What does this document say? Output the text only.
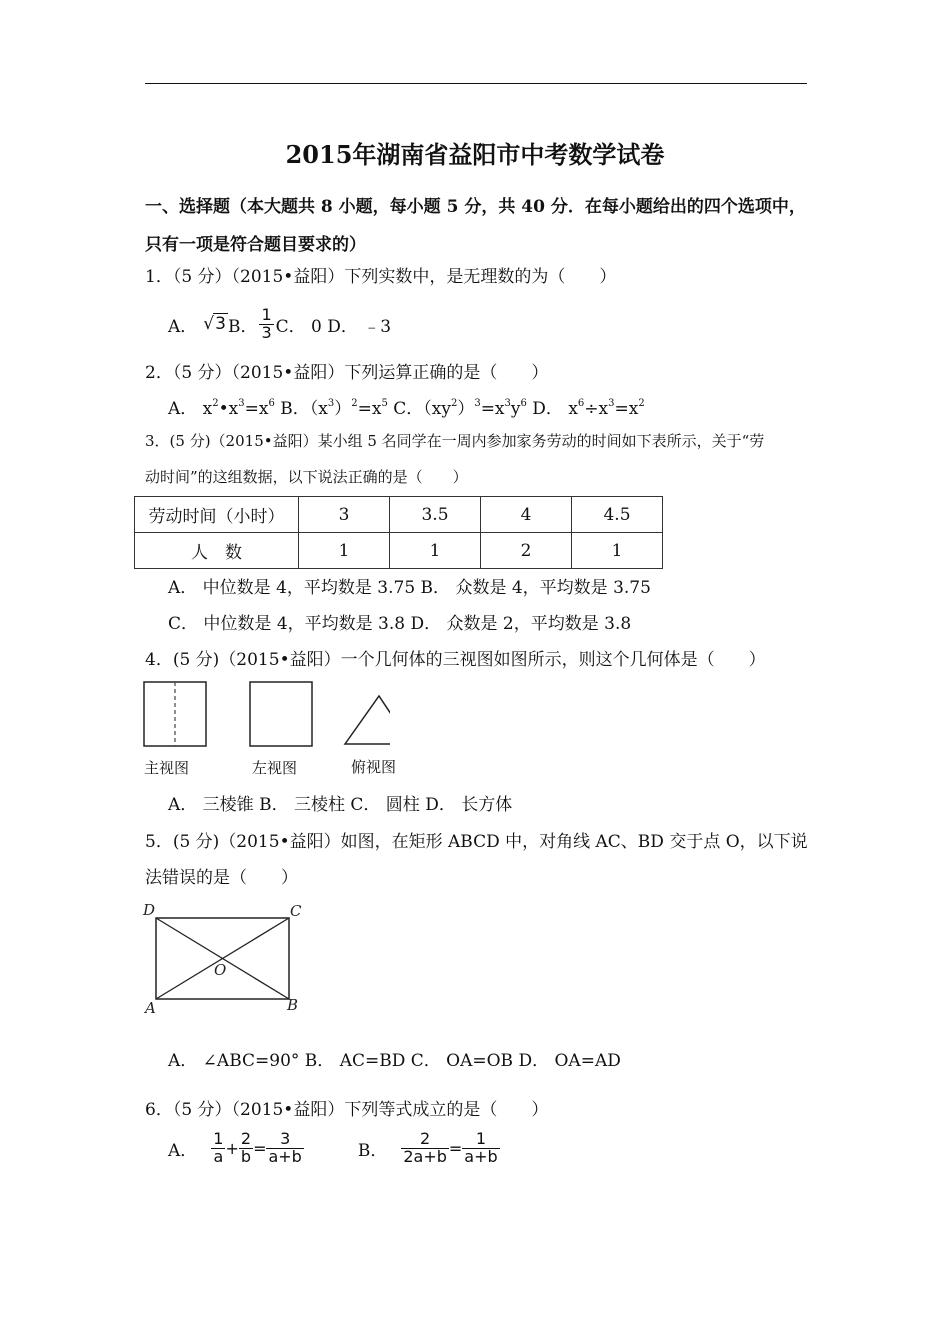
2015年湖南省益阳市中考数学试卷
一、选择题（本大题共 8 小题，每小题 5 分，共 40 分．在每小题给出的四个选项中，
只有一项是符合题目要求的）
1．（5 分）（2015•益阳）下列实数中，是无理数的为（　　）
A． √3 B． $\frac{1}{3}$ C． 0 D． ﹣3
2．（5 分）（2015•益阳）下列运算正确的是（　　）
A． $x^2•x^3=x^6$ B．$(x^3)^2=x^5$ C．$(xy^2)^3=x^3y^6$ D． $x^6\div x^3=x^2$
3．(5 分)（2015•益阳）某小组 5 名同学在一周内参加家务劳动的时间如下表所示，关于“劳
动时间”的这组数据，以下说法正确的是（　　）
劳动时间（小时）	3	3.5	4	4.5
人　数	1	1	2	1
A． 中位数是 4，平均数是 3.75 B． 众数是 4，平均数是 3.75
C． 中位数是 4，平均数是 3.8 D． 众数是 2，平均数是 3.8
4．(5 分)（2015•益阳）一个几何体的三视图如图所示，则这个几何体是（　　）
主视图	左视图	俯视图
A． 三棱锥 B． 三棱柱 C． 圆柱 D． 长方体
5．(5 分)（2015•益阳）如图，在矩形 ABCD 中，对角线 AC、BD 交于点 O，以下说
法错误的是（　　）
D	C
O
A	B
A． ∠ABC=90° B． AC=BD C． OA=OB D． OA=AD
6．（5 分）（2015•益阳）下列等式成立的是（　　）
A． $\frac{1}{a} + \frac{2}{b} = \frac{3}{a+b}$	B． $\frac{2}{2a+b} = \frac{1}{a+b}$
